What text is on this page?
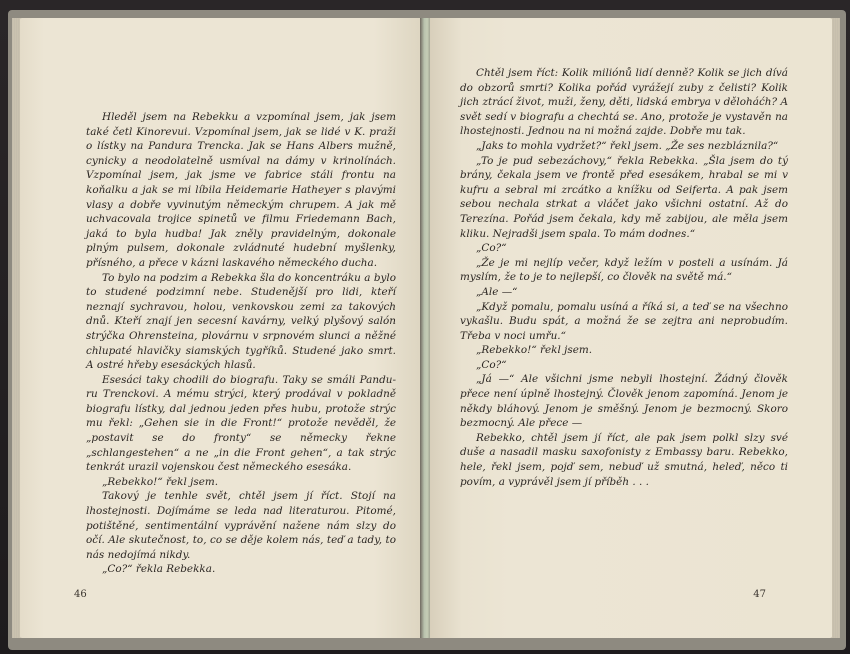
Hleděl jsem na Rebekku a vzpomínal jsem, jak jsem také četl Kinorevui. Vzpomínal jsem, jak se lidé v K. praži o lístky na Pandura Trencka. Jak se Hans Albers mužně, cynicky a neodolatelně usmíval na dámy v krinolínách. Vzpomínal jsem, jak jsme ve fabrice stáli frontu na koňalku a jak se mi líbila Heidemarie Hatheyer s plavými vlasy a dobře vyvinutým německým chrupem. A jak mě uchvacovala trojice spinetů ve filmu Friedemann Bach, jaká to byla hudba! Jak zněly pravidelným, dokonale plným pulsem, dokonale zvládnuté hudební myšlenky, přísného, a přece v kázni laskavého německého ducha.

To bylo na podzim a Rebekka šla do koncentráku a bylo to studené podzimní nebe. Studenější pro lidi, kteří neznají sychravou, holou, venkovskou zemi za takových dnů. Kteří znají jen secesní kavárny, velký plyšový salón strýčka Ohrensteina, plovárnu v srpnovém slunci a něžné chlupaté hlavičky siamských tygříků. Studené jako smrt. A ostré hřeby esesáckých hlasů.

Esesáci taky chodili do biografu. Taky se smáli Panduru Trenckovi. A mému strýci, který prodával v pokladně biografu lístky, dal jednou jeden přes hubu, protože strýc mu řekl: „Gehen sie in die Front!“ protože nevěděl, že „postavit se do fronty“ se německy řekne „schlangestehen“ a ne „in die Front gehen“, a tak strýc tenkrát urazil vojenskou čest německého esesáka.

„Rebekko!“ řekl jsem.

Takový je tenhle svět, chtěl jsem jí říct. Stojí na lhostejnosti. Dojímáme se leda nad literaturou. Pitomé, potištěné, sentimentální vyprávění nažene nám slzy do očí. Ale skutečnost, to, co se děje kolem nás, teď a tady, to nás nedojímá nikdy.

„Co?“ řekla Rebekka.

46

Chtěl jsem říct: Kolik miliónů lidí denně? Kolik se jich dívá do obzorů smrti? Kolika pořád vyrážejí zuby z čelisti? Kolik jich ztrácí život, muži, ženy, děti, lidská embrya v děloháćh? A svět sedí v biografu a chechtá se. Ano, protože je vystavěn na lhostejnosti. Jednou na ni možná zajde. Dobře mu tak.

„Jaks to mohla vydržet?“ řekl jsem. „Že ses nezbláznila?“

„To je pud sebezáchovy,“ řekla Rebekka. „Šla jsem do tý brány, čekala jsem ve frontě před esesákem, hrabal se mi v kufru a sebral mi zrcátko a knížku od Seiferta. A pak jsem sebou nechala strkat a vláčet jako všichni ostatní. Až do Terezína. Pořád jsem čekala, kdy mě zabijou, ale měla jsem kliku. Nejradši jsem spala. To mám dodnes.“

„Co?“

„Že je mi nejlíp večer, když ležím v posteli a usínám. Já myslím, že to je to nejlepší, co člověk na světě má.“

„Ale —“

„Když pomalu, pomalu usíná a říká si, a teď se na všechno vykašlu. Budu spát, a možná že se zejtra ani neprobudím. Třeba v noci umřu.“

„Rebekko!“ řekl jsem.

„Co?“

„Já —“ Ale všichni jsme nebyli lhostejní. Žádný člověk přece není úplně lhostejný. Člověk jenom zapomíná. Jenom je někdy bláhový. Jenom je směšný. Jenom je bezmocný. Skoro bezmocný. Ale přece —

Rebekko, chtěl jsem jí říct, ale pak jsem polkl slzy své duše a nasadil masku saxofonisty z Embassy baru. Rebekko, hele, řekl jsem, pojď sem, nebuď už smutná, heleď, něco ti povím, a vyprávěl jsem jí příběh . . .

47
